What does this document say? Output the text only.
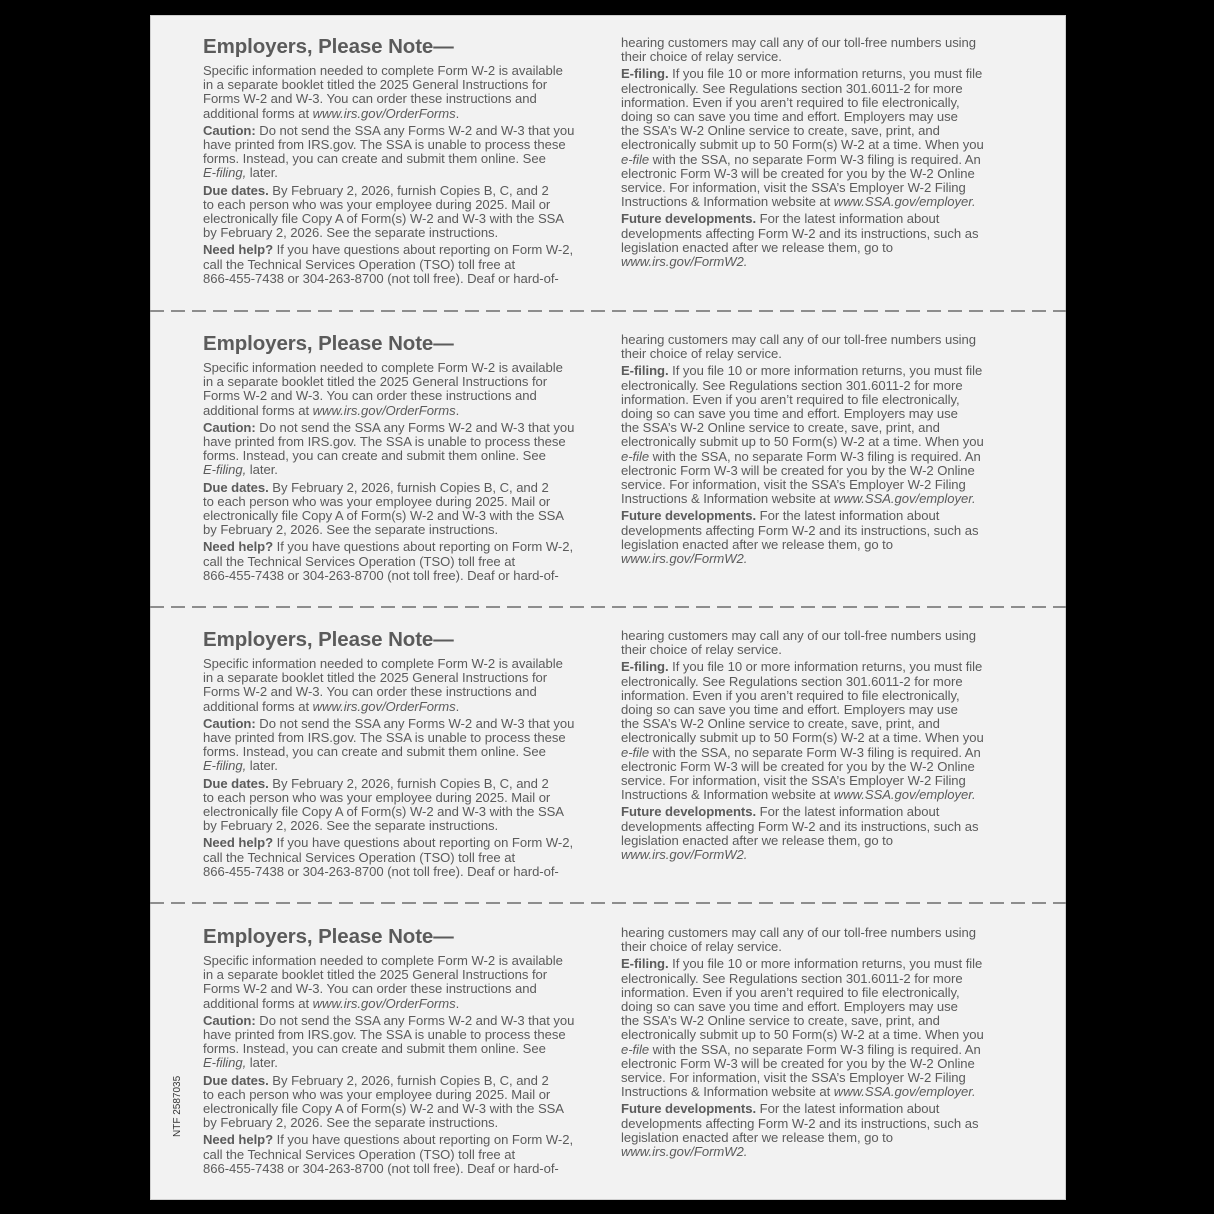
Employers, Please Note—
Specific information needed to complete Form W-2 is available
in a separate booklet titled the 2025 General Instructions for
Forms W-2 and W-3. You can order these instructions and
additional forms at www.irs.gov/OrderForms.
Caution: Do not send the SSA any Forms W-2 and W-3 that you
have printed from IRS.gov. The SSA is unable to process these
forms. Instead, you can create and submit them online. See
E-filing, later.
Due dates. By February 2, 2026, furnish Copies B, C, and 2
to each person who was your employee during 2025. Mail or
electronically file Copy A of Form(s) W-2 and W-3 with the SSA
by February 2, 2026. See the separate instructions.
Need help? If you have questions about reporting on Form W-2,
call the Technical Services Operation (TSO) toll free at
866-455-7438 or 304-263-8700 (not toll free). Deaf or hard-of-
hearing customers may call any of our toll-free numbers using
their choice of relay service.
E-filing. If you file 10 or more information returns, you must file
electronically. See Regulations section 301.6011-2 for more
information. Even if you aren’t required to file electronically,
doing so can save you time and effort. Employers may use
the SSA’s W-2 Online service to create, save, print, and
electronically submit up to 50 Form(s) W-2 at a time. When you
e-file with the SSA, no separate Form W-3 filing is required. An
electronic Form W-3 will be created for you by the W-2 Online
service. For information, visit the SSA’s Employer W-2 Filing
Instructions & Information website at www.SSA.gov/employer.
Future developments. For the latest information about
developments affecting Form W-2 and its instructions, such as
legislation enacted after we release them, go to
www.irs.gov/FormW2.
Employers, Please Note—
Specific information needed to complete Form W-2 is available
in a separate booklet titled the 2025 General Instructions for
Forms W-2 and W-3. You can order these instructions and
additional forms at www.irs.gov/OrderForms.
Caution: Do not send the SSA any Forms W-2 and W-3 that you
have printed from IRS.gov. The SSA is unable to process these
forms. Instead, you can create and submit them online. See
E-filing, later.
Due dates. By February 2, 2026, furnish Copies B, C, and 2
to each person who was your employee during 2025. Mail or
electronically file Copy A of Form(s) W-2 and W-3 with the SSA
by February 2, 2026. See the separate instructions.
Need help? If you have questions about reporting on Form W-2,
call the Technical Services Operation (TSO) toll free at
866-455-7438 or 304-263-8700 (not toll free). Deaf or hard-of-
hearing customers may call any of our toll-free numbers using
their choice of relay service.
E-filing. If you file 10 or more information returns, you must file
electronically. See Regulations section 301.6011-2 for more
information. Even if you aren’t required to file electronically,
doing so can save you time and effort. Employers may use
the SSA’s W-2 Online service to create, save, print, and
electronically submit up to 50 Form(s) W-2 at a time. When you
e-file with the SSA, no separate Form W-3 filing is required. An
electronic Form W-3 will be created for you by the W-2 Online
service. For information, visit the SSA’s Employer W-2 Filing
Instructions & Information website at www.SSA.gov/employer.
Future developments. For the latest information about
developments affecting Form W-2 and its instructions, such as
legislation enacted after we release them, go to
www.irs.gov/FormW2.
Employers, Please Note—
Specific information needed to complete Form W-2 is available
in a separate booklet titled the 2025 General Instructions for
Forms W-2 and W-3. You can order these instructions and
additional forms at www.irs.gov/OrderForms.
Caution: Do not send the SSA any Forms W-2 and W-3 that you
have printed from IRS.gov. The SSA is unable to process these
forms. Instead, you can create and submit them online. See
E-filing, later.
Due dates. By February 2, 2026, furnish Copies B, C, and 2
to each person who was your employee during 2025. Mail or
electronically file Copy A of Form(s) W-2 and W-3 with the SSA
by February 2, 2026. See the separate instructions.
Need help? If you have questions about reporting on Form W-2,
call the Technical Services Operation (TSO) toll free at
866-455-7438 or 304-263-8700 (not toll free). Deaf or hard-of-
hearing customers may call any of our toll-free numbers using
their choice of relay service.
E-filing. If you file 10 or more information returns, you must file
electronically. See Regulations section 301.6011-2 for more
information. Even if you aren’t required to file electronically,
doing so can save you time and effort. Employers may use
the SSA’s W-2 Online service to create, save, print, and
electronically submit up to 50 Form(s) W-2 at a time. When you
e-file with the SSA, no separate Form W-3 filing is required. An
electronic Form W-3 will be created for you by the W-2 Online
service. For information, visit the SSA’s Employer W-2 Filing
Instructions & Information website at www.SSA.gov/employer.
Future developments. For the latest information about
developments affecting Form W-2 and its instructions, such as
legislation enacted after we release them, go to
www.irs.gov/FormW2.
Employers, Please Note—
Specific information needed to complete Form W-2 is available
in a separate booklet titled the 2025 General Instructions for
Forms W-2 and W-3. You can order these instructions and
additional forms at www.irs.gov/OrderForms.
Caution: Do not send the SSA any Forms W-2 and W-3 that you
have printed from IRS.gov. The SSA is unable to process these
forms. Instead, you can create and submit them online. See
E-filing, later.
Due dates. By February 2, 2026, furnish Copies B, C, and 2
to each person who was your employee during 2025. Mail or
electronically file Copy A of Form(s) W-2 and W-3 with the SSA
by February 2, 2026. See the separate instructions.
Need help? If you have questions about reporting on Form W-2,
call the Technical Services Operation (TSO) toll free at
866-455-7438 or 304-263-8700 (not toll free). Deaf or hard-of-
hearing customers may call any of our toll-free numbers using
their choice of relay service.
E-filing. If you file 10 or more information returns, you must file
electronically. See Regulations section 301.6011-2 for more
information. Even if you aren’t required to file electronically,
doing so can save you time and effort. Employers may use
the SSA’s W-2 Online service to create, save, print, and
electronically submit up to 50 Form(s) W-2 at a time. When you
e-file with the SSA, no separate Form W-3 filing is required. An
electronic Form W-3 will be created for you by the W-2 Online
service. For information, visit the SSA’s Employer W-2 Filing
Instructions & Information website at www.SSA.gov/employer.
Future developments. For the latest information about
developments affecting Form W-2 and its instructions, such as
legislation enacted after we release them, go to
www.irs.gov/FormW2.
NTF 2587035
